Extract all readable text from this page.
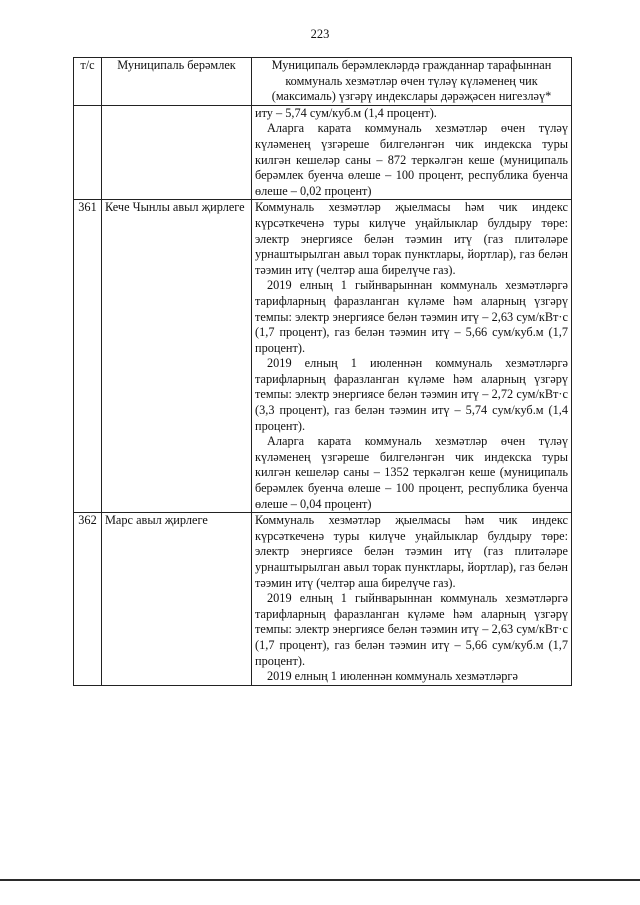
223
т/с	Муниципаль берәмлек	Муниципаль берәмлекләрдә гражданнар тарафыннан коммуналь хезмәтләр өчен түләү күләменең чик (максималь) үзгәрү индекслары дәрәҗәсен нигезләү*

		иту – 5,74 сум/куб.м (1,4 процент).

Аларга карата коммуналь хезмәтләр өчен түләү күләменең үзгәреше билгеләнгән чик индекска туры килгән кешеләр саны – 872 теркәлгән кеше (муниципаль берәмлек буенча өлеше – 100 процент, республика буенча өлеше – 0,02 процент)

361	Кече Чынлы авыл җирлеге	Коммуналь хезмәтләр җыелмасы һәм чик индекс күрсәткеченә туры килүче уңайлыклар булдыру төре: электр энергиясе белән тәэмин итү (газ плитәләре урнаштырылган авыл торак пунктлары, йортлар), газ белән тәэмин итү (челтәр аша бирелүче газ).

2019 елның 1 гыйнварыннан коммуналь хезмәтләргә тарифларның фаразланган күләме һәм аларның үзгәрү темпы: электр энергиясе белән тәэмин итү – 2,63 сум/кВт·с (1,7 процент), газ белән тәэмин итү – 5,66 сум/куб.м (1,7 процент).

2019 елның 1 июленнән коммуналь хезмәтләргә тарифларның фаразланган күләме һәм аларның үзгәрү темпы: электр энергиясе белән тәэмин итү – 2,72 сум/кВт·с (3,3 процент), газ белән тәэмин итү – 5,74 сум/куб.м (1,4 процент).

Аларга карата коммуналь хезмәтләр өчен түләү күләменең үзгәреше билгеләнгән чик индекска туры килгән кешеләр саны – 1352 теркәлгән кеше (муниципаль берәмлек буенча өлеше – 100 процент, республика буенча өлеше – 0,04 процент)

362	Марс авыл җирлеге	Коммуналь хезмәтләр җыелмасы һәм чик индекс күрсәткеченә туры килүче уңайлыклар булдыру төре: электр энергиясе белән тәэмин итү (газ плитәләре урнаштырылган авыл торак пунктлары, йортлар), газ белән тәэмин итү (челтәр аша бирелүче газ).

2019 елның 1 гыйнварыннан коммуналь хезмәтләргә тарифларның фаразланган күләме һәм аларның үзгәрү темпы: электр энергиясе белән тәэмин итү – 2,63 сум/кВт·с (1,7 процент), газ белән тәэмин итү – 5,66 сум/куб.м (1,7 процент).

2019 елның 1 июленнән коммуналь хезмәтләргә
